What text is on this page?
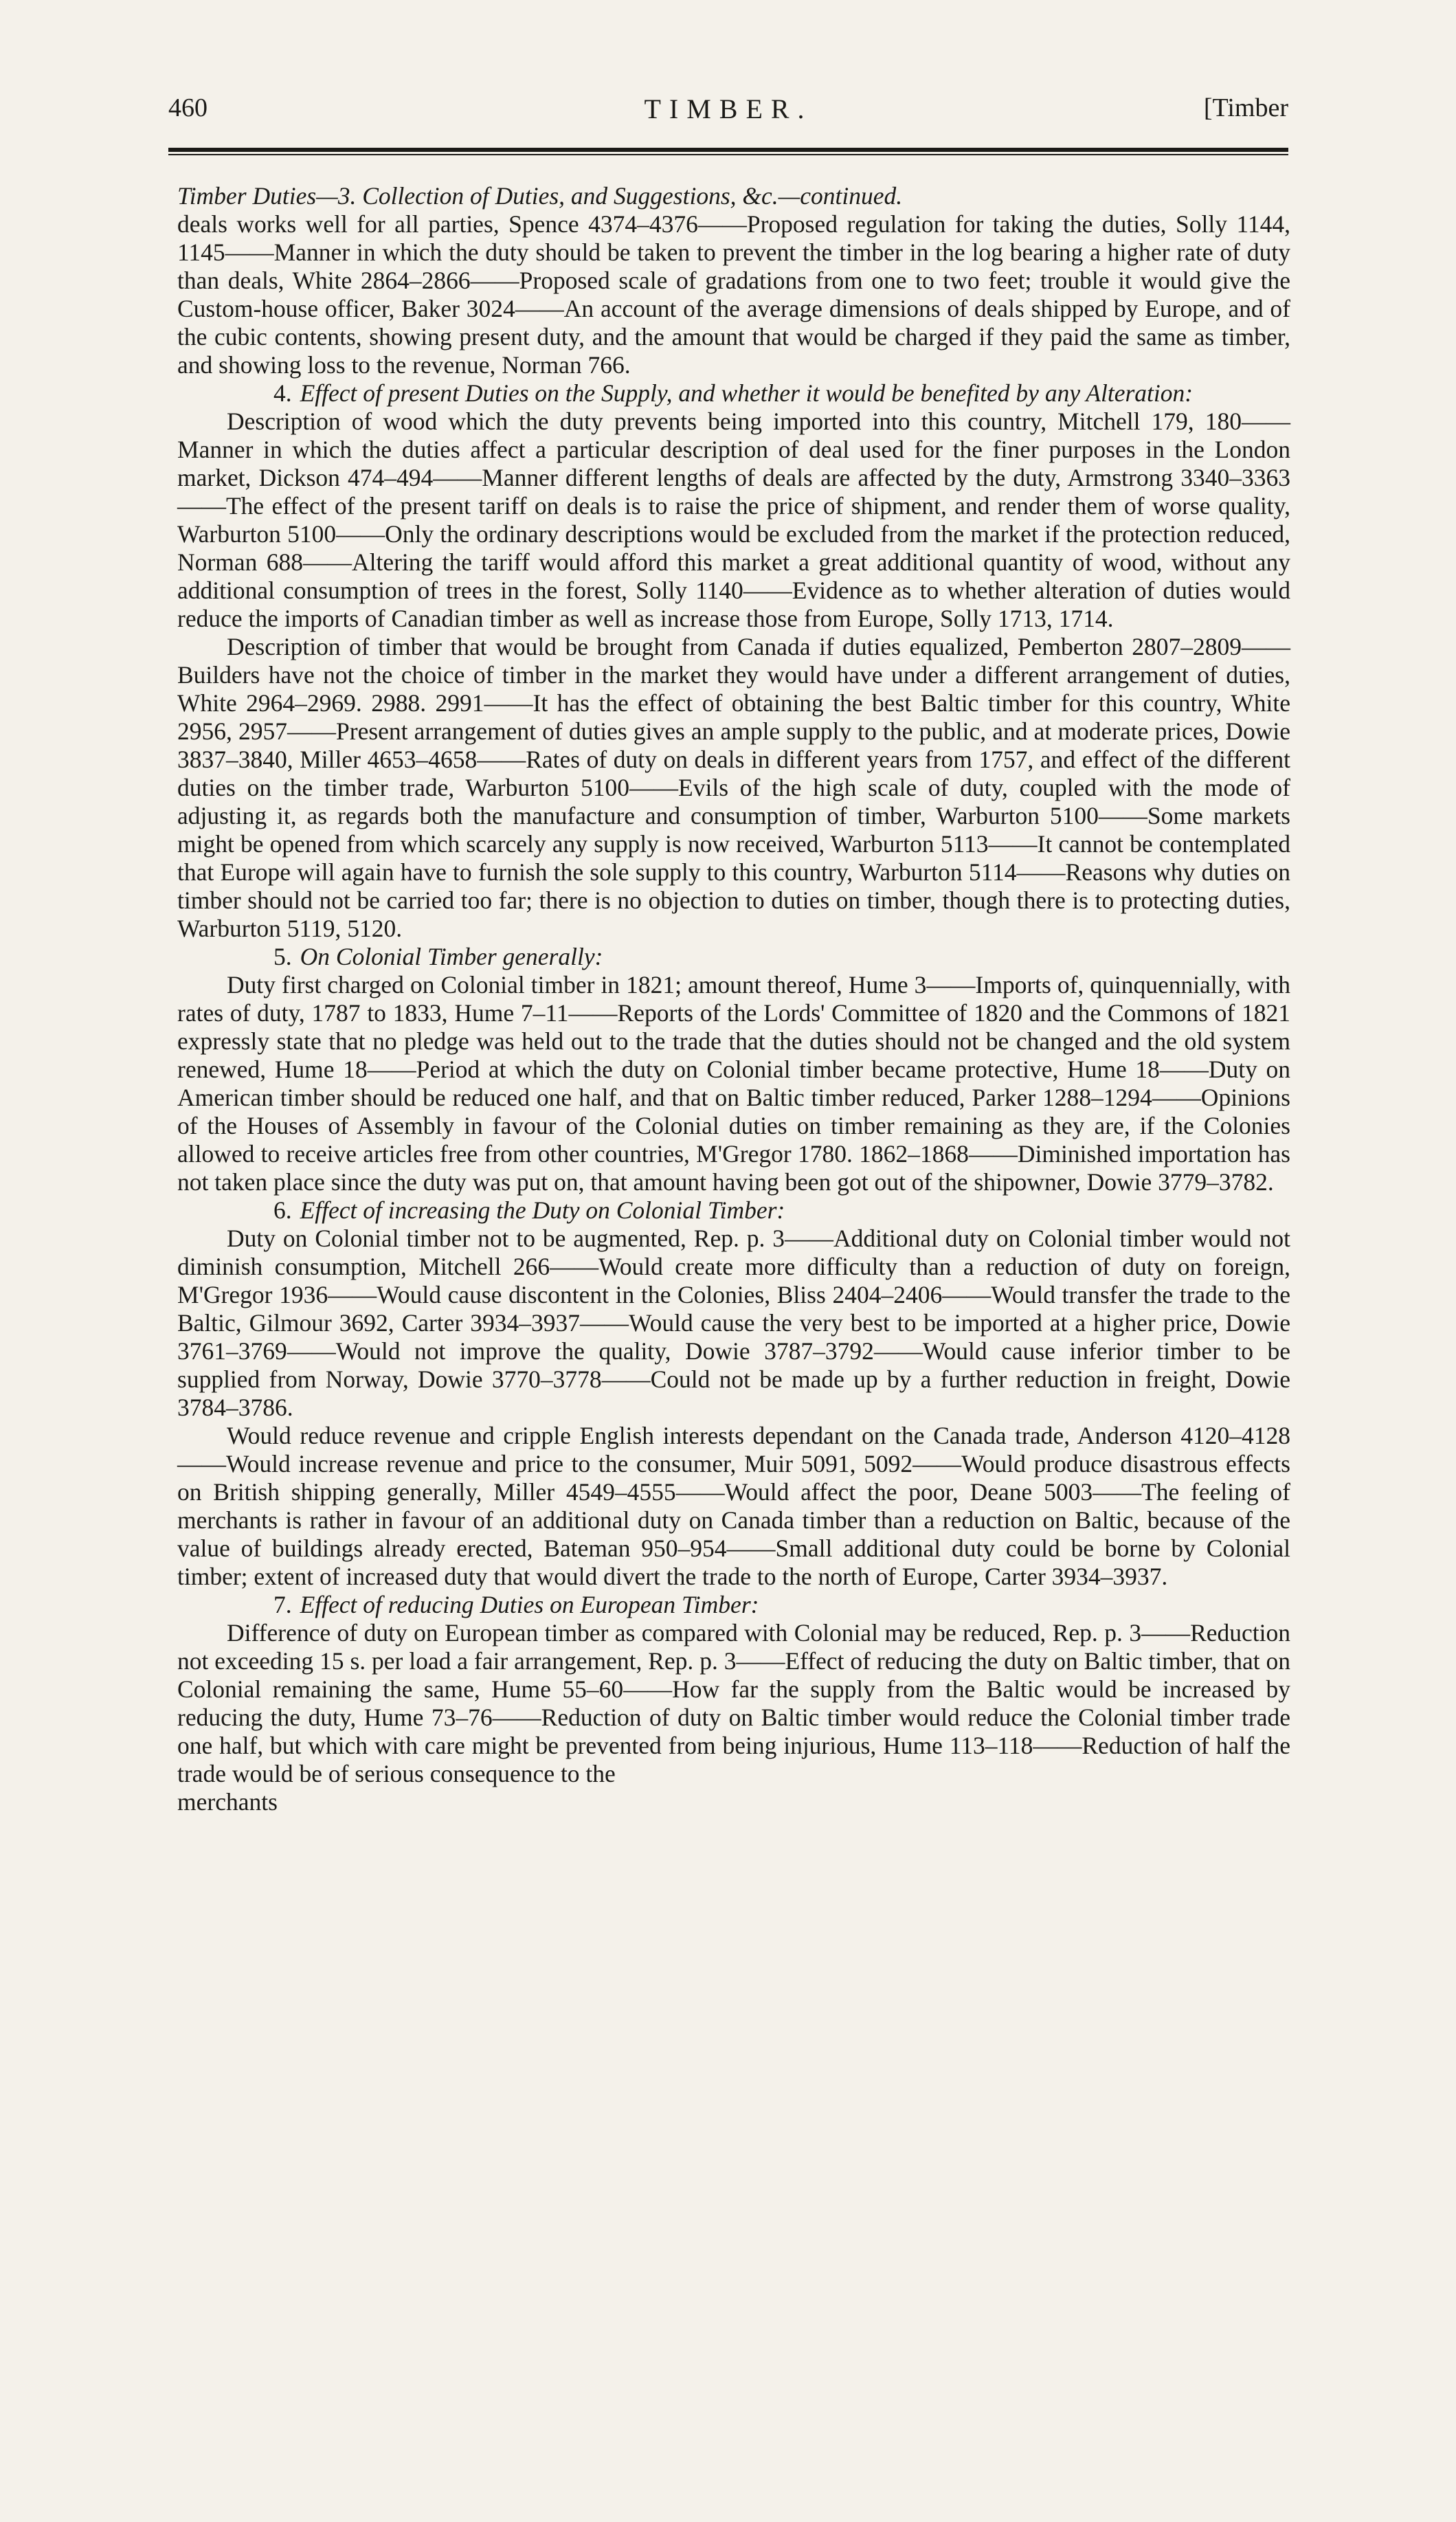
460	TIMBER.	[Timber

Timber Duties—3. Collection of Duties, and Suggestions, &c.—continued.

deals works well for all parties, Spence 4374–4376——Proposed regulation for taking the duties, Solly 1144, 1145——Manner in which the duty should be taken to prevent the timber in the log bearing a higher rate of duty than deals, White 2864–2866——Proposed scale of gradations from one to two feet; trouble it would give the Custom-house officer, Baker 3024——An account of the average dimensions of deals shipped by Europe, and of the cubic contents, showing present duty, and the amount that would be charged if they paid the same as timber, and showing loss to the revenue, Norman 766.

4. Effect of present Duties on the Supply, and whether it would be benefited by any Alteration:

Description of wood which the duty prevents being imported into this country, Mitchell 179, 180——Manner in which the duties affect a particular description of deal used for the finer purposes in the London market, Dickson 474–494——Manner different lengths of deals are affected by the duty, Armstrong 3340–3363——The effect of the present tariff on deals is to raise the price of shipment, and render them of worse quality, Warburton 5100——Only the ordinary descriptions would be excluded from the market if the protection reduced, Norman 688——Altering the tariff would afford this market a great additional quantity of wood, without any additional consumption of trees in the forest, Solly 1140——Evidence as to whether alteration of duties would reduce the imports of Canadian timber as well as increase those from Europe, Solly 1713, 1714.

Description of timber that would be brought from Canada if duties equalized, Pemberton 2807–2809——Builders have not the choice of timber in the market they would have under a different arrangement of duties, White 2964–2969. 2988. 2991——It has the effect of obtaining the best Baltic timber for this country, White 2956, 2957——Present arrangement of duties gives an ample supply to the public, and at moderate prices, Dowie 3837–3840, Miller 4653–4658——Rates of duty on deals in different years from 1757, and effect of the different duties on the timber trade, Warburton 5100——Evils of the high scale of duty, coupled with the mode of adjusting it, as regards both the manufacture and consumption of timber, Warburton 5100——Some markets might be opened from which scarcely any supply is now received, Warburton 5113——It cannot be contemplated that Europe will again have to furnish the sole supply to this country, Warburton 5114——Reasons why duties on timber should not be carried too far; there is no objection to duties on timber, though there is to protecting duties, Warburton 5119, 5120.

5. On Colonial Timber generally:

Duty first charged on Colonial timber in 1821; amount thereof, Hume 3——Imports of, quinquennially, with rates of duty, 1787 to 1833, Hume 7–11——Reports of the Lords' Committee of 1820 and the Commons of 1821 expressly state that no pledge was held out to the trade that the duties should not be changed and the old system renewed, Hume 18——Period at which the duty on Colonial timber became protective, Hume 18——Duty on American timber should be reduced one half, and that on Baltic timber reduced, Parker 1288–1294——Opinions of the Houses of Assembly in favour of the Colonial duties on timber remaining as they are, if the Colonies allowed to receive articles free from other countries, M'Gregor 1780. 1862–1868——Diminished importation has not taken place since the duty was put on, that amount having been got out of the shipowner, Dowie 3779–3782.

6. Effect of increasing the Duty on Colonial Timber:

Duty on Colonial timber not to be augmented, Rep. p. 3——Additional duty on Colonial timber would not diminish consumption, Mitchell 266——Would create more difficulty than a reduction of duty on foreign, M'Gregor 1936——Would cause discontent in the Colonies, Bliss 2404–2406——Would transfer the trade to the Baltic, Gilmour 3692, Carter 3934–3937——Would cause the very best to be imported at a higher price, Dowie 3761–3769——Would not improve the quality, Dowie 3787–3792——Would cause inferior timber to be supplied from Norway, Dowie 3770–3778——Could not be made up by a further reduction in freight, Dowie 3784–3786.

Would reduce revenue and cripple English interests dependant on the Canada trade, Anderson 4120–4128——Would increase revenue and price to the consumer, Muir 5091, 5092——Would produce disastrous effects on British shipping generally, Miller 4549–4555——Would affect the poor, Deane 5003——The feeling of merchants is rather in favour of an additional duty on Canada timber than a reduction on Baltic, because of the value of buildings already erected, Bateman 950–954——Small additional duty could be borne by Colonial timber; extent of increased duty that would divert the trade to the north of Europe, Carter 3934–3937.

7. Effect of reducing Duties on European Timber:

Difference of duty on European timber as compared with Colonial may be reduced, Rep. p. 3——Reduction not exceeding 15 s. per load a fair arrangement, Rep. p. 3——Effect of reducing the duty on Baltic timber, that on Colonial remaining the same, Hume 55–60——How far the supply from the Baltic would be increased by reducing the duty, Hume 73–76——Reduction of duty on Baltic timber would reduce the Colonial timber trade one half, but which with care might be prevented from being injurious, Hume 113–118——Reduction of half the trade would be of serious consequence to the

merchants
